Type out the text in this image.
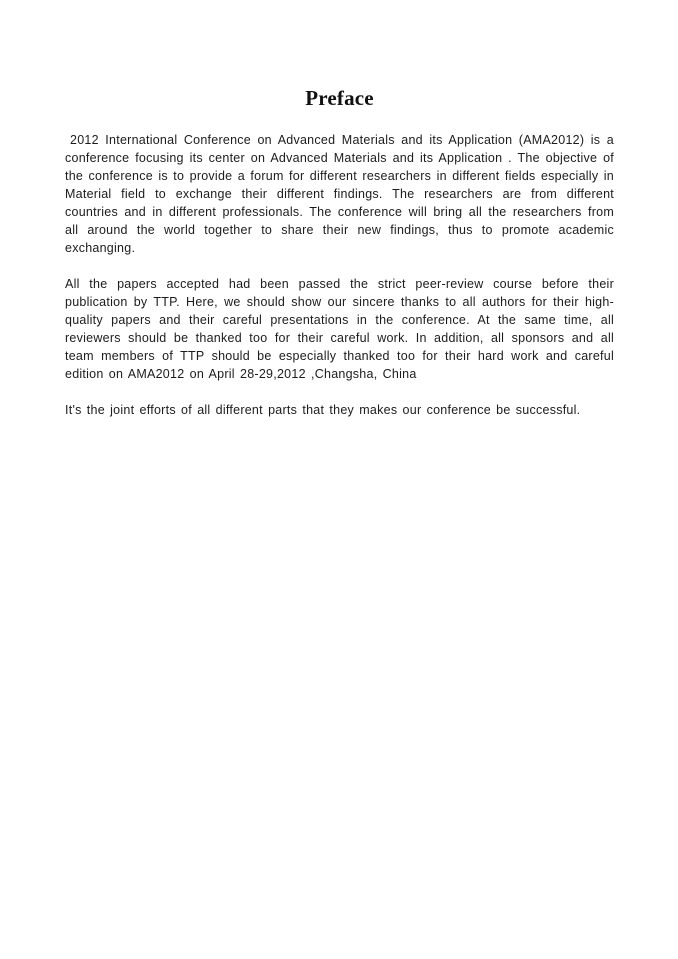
Preface

2012 International Conference on Advanced Materials and its Application (AMA2012) is a conference focusing its center on Advanced Materials and its Application . The objective of the conference is to provide a forum for different researchers in different fields especially in Material field to exchange their different findings. The researchers are from different countries and in different professionals. The conference will bring all the researchers from all around the world together to share their new findings, thus to promote academic exchanging.

All the papers accepted had been passed the strict peer-review course before their publication by TTP. Here, we should show our sincere thanks to all authors for their high-quality papers and their careful presentations in the conference. At the same time, all reviewers should be thanked too for their careful work. In addition, all sponsors and all team members of TTP should be especially thanked too for their hard work and careful edition on AMA2012 on April 28-29,2012 ,Changsha, China

It's the joint efforts of all different parts that they makes our conference be successful.
